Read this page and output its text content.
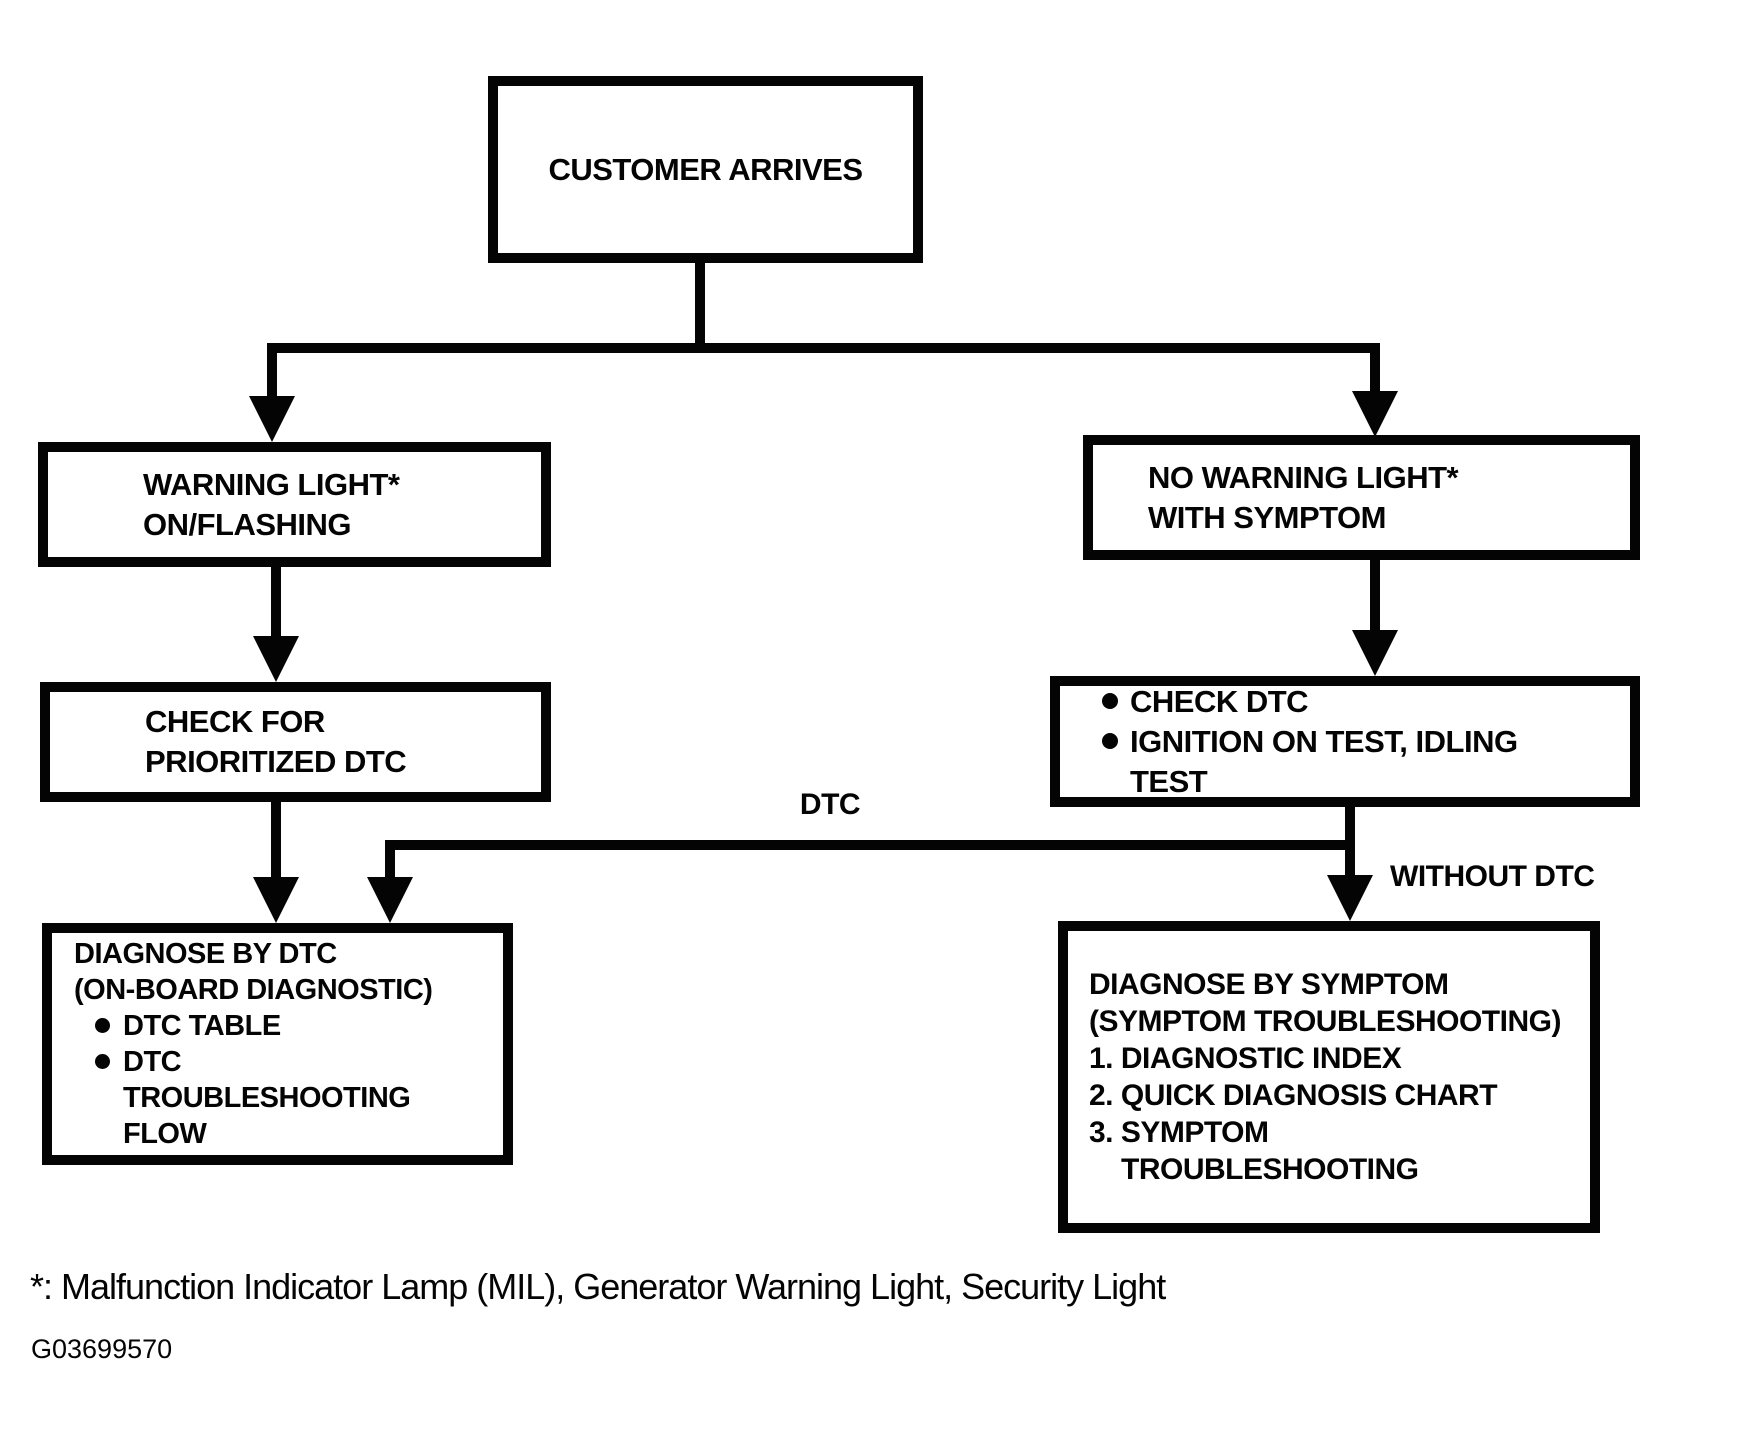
DTC
WITHOUT DTC
CUSTOMER ARRIVES
WARNING LIGHT*
ON/FLASHING
NO WARNING LIGHT*
WITH SYMPTOM
CHECK FOR
PRIORITIZED DTC
CHECK DTC
IGNITION ON TEST, IDLING
TEST
DIAGNOSE BY DTC
(ON-BOARD DIAGNOSTIC)
DTC TABLE
DTC
TROUBLESHOOTING
FLOW
DIAGNOSE BY SYMPTOM
(SYMPTOM TROUBLESHOOTING)
1. DIAGNOSTIC INDEX
2. QUICK DIAGNOSIS CHART
3. SYMPTOM
TROUBLESHOOTING
*: Malfunction Indicator Lamp (MIL), Generator Warning Light, Security Light
G03699570
